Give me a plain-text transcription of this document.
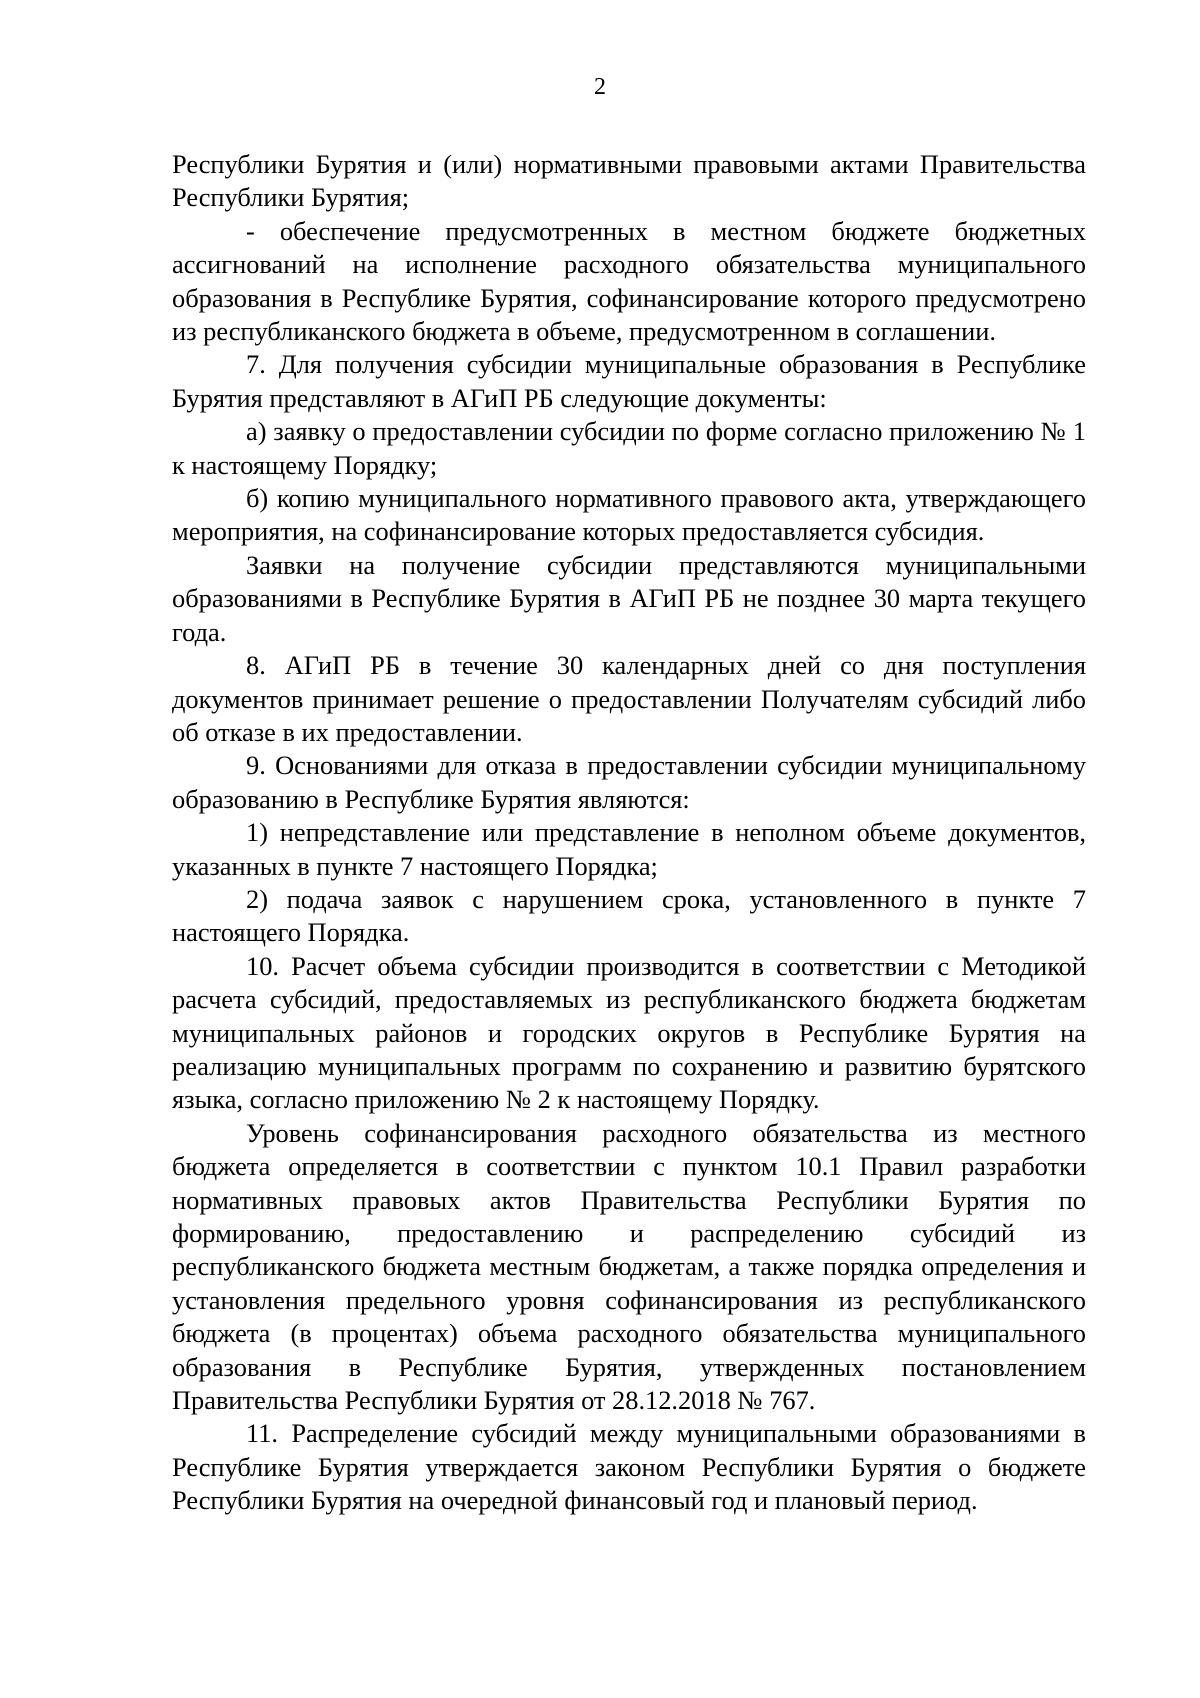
2

Республики Бурятия и (или) нормативными правовыми актами Правительства Республики Бурятия;

- обеспечение предусмотренных в местном бюджете бюджетных ассигнований на исполнение расходного обязательства муниципального образования в Республике Бурятия, софинансирование которого предусмотрено из республиканского бюджета в объеме, предусмотренном в соглашении.

7. Для получения субсидии муниципальные образования в Республике Бурятия представляют в АГиП РБ следующие документы:

а) заявку о предоставлении субсидии по форме согласно приложению № 1 к настоящему Порядку;

б) копию муниципального нормативного правового акта, утверждающего мероприятия, на софинансирование которых предоставляется субсидия.

Заявки на получение субсидии представляются муниципальными образованиями в Республике Бурятия в АГиП РБ не позднее 30 марта текущего года.

8. АГиП РБ в течение 30 календарных дней со дня поступления документов принимает решение о предоставлении Получателям субсидий либо об отказе в их предоставлении.

9. Основаниями для отказа в предоставлении субсидии муниципальному образованию в Республике Бурятия являются:

1) непредставление или представление в неполном объеме документов, указанных в пункте 7 настоящего Порядка;

2) подача заявок с нарушением срока, установленного в пункте 7 настоящего Порядка.

10. Расчет объема субсидии производится в соответствии с Методикой расчета субсидий, предоставляемых из республиканского бюджета бюджетам муниципальных районов и городских округов в Республике Бурятия на реализацию муниципальных программ по сохранению и развитию бурятского языка, согласно приложению № 2 к настоящему Порядку.

Уровень софинансирования расходного обязательства из местного бюджета определяется в соответствии с пунктом 10.1 Правил разработки нормативных правовых актов Правительства Республики Бурятия по формированию, предоставлению и распределению субсидий из республиканского бюджета местным бюджетам, а также порядка определения и установления предельного уровня софинансирования из республиканского бюджета (в процентах) объема расходного обязательства муниципального образования в Республике Бурятия, утвержденных постановлением Правительства Республики Бурятия от 28.12.2018 № 767.

11. Распределение субсидий между муниципальными образованиями в Республике Бурятия утверждается законом Республики Бурятия о бюджете Республики Бурятия на очередной финансовый год и плановый период.
